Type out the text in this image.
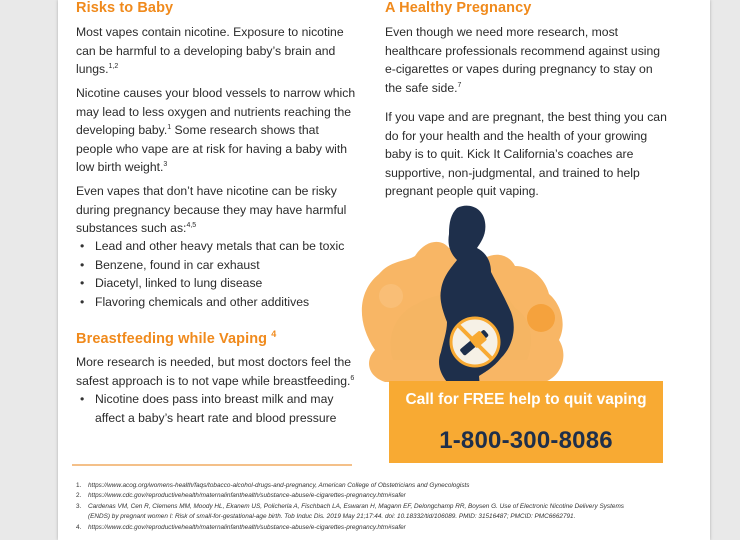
Risks to Baby

Most vapes contain nicotine. Exposure to nicotine can be harmful to a developing baby’s brain and lungs.$^{1,2}$

Nicotine causes your blood vessels to narrow which may lead to less oxygen and nutrients reaching the developing baby.$^1$ Some research shows that people who vape are at risk for having a baby with low birth weight.$^3$

Even vapes that don’t have nicotine can be risky during pregnancy because they may have harmful substances such as:$^{4,5}$

• Lead and other heavy metals that can be toxic
• Benzene, found in car exhaust
• Diacetyl, linked to lung disease
• Flavoring chemicals and other additives
Breastfeeding while Vaping $^4$

More research is needed, but most doctors feel the safest approach is to not vape while breastfeeding.$^6$

• Nicotine does pass into breast milk and may affect a baby’s heart rate and blood pressure
A Healthy Pregnancy

Even though we need more research, most healthcare professionals recommend against using e-cigarettes or vapes during pregnancy to stay on the safe side.$^7$

If you vape and are pregnant, the best thing you can do for your health and the health of your growing baby is to quit. Kick It California’s coaches are supportive, non-judgmental, and trained to help pregnant people quit vaping.

Call for FREE help to quit vaping
1-800-300-8086
1. https://www.acog.org/womens-health/faqs/tobacco-alcohol-drugs-and-pregnancy, American College of Obstetricians and Gynecologists
2. https://www.cdc.gov/reproductivehealth/maternalinfanthealth/substance-abuse/e-cigarettes-pregnancy.htm#safer
3. Cardenas VM, Cen R, Clemens MM, Moody HL, Ekanem US, Policherla A, Fischbach LA, Eswaran H, Magann EF, Delongchamp RR, Boysen G. Use of Electronic Nicotine Delivery Systems
(ENDS) by pregnant women I: Risk of small-for-gestational-age birth. Tob Induc Dis. 2019 May 21;17:44. doi: 10.18332/tid/106089. PMID: 31516487; PMCID: PMC6662791.
4. https://www.cdc.gov/reproductivehealth/maternalinfanthealth/substance-abuse/e-cigarettes-pregnancy.htm#safer
